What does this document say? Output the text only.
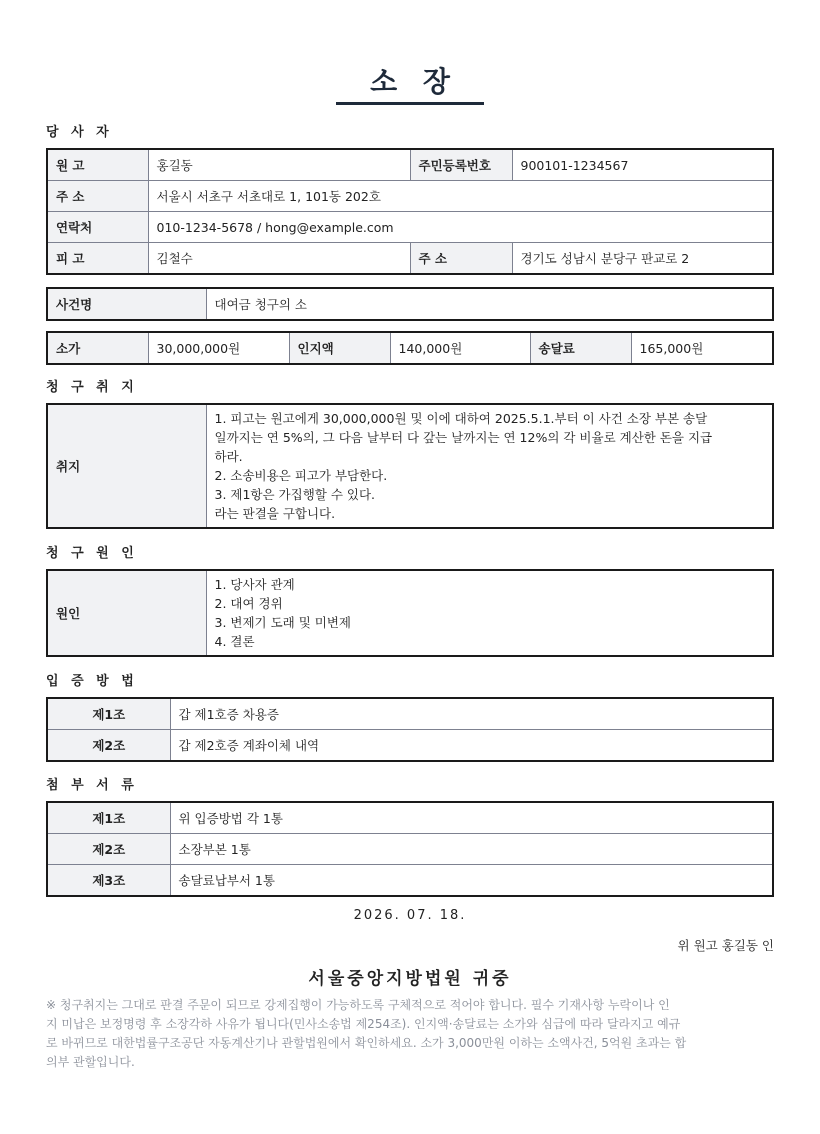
소 장
당 사 자
원 고	홍길동	주민등록번호	900101-1234567
주 소	서울시 서초구 서초대로 1, 101동 202호		
연락처	010-1234-5678 / hong@example.com		
피 고	김철수	주 소	경기도 성남시 분당구 판교로 2
사건명	대여금 청구의 소
소가	30,000,000원	인지액	140,000원	송달료	165,000원
청 구 취 지
취지	
1. 피고는 원고에게 30,000,000원 및 이에 대하여 2025.5.1.부터 이 사건 소장 부본 송달
일까지는 연 5%의, 그 다음 날부터 다 갚는 날까지는 연 12%의 각 비율로 계산한 돈을 지급
하라.
2. 소송비용은 피고가 부담한다.
3. 제1항은 가집행할 수 있다.
라는 판결을 구합니다.
청 구 원 인
원인	
1. 당사자 관계
2. 대여 경위
3. 변제기 도래 및 미변제
4. 결론
입 증 방 법
제1조	갑 제1호증 차용증
제2조	갑 제2호증 계좌이체 내역
첨 부 서 류
제1조	위 입증방법 각 1통
제2조	소장부본 1통
제3조	송달료납부서 1통
2026. 07. 18.
위 원고 홍길동 인
서울중앙지방법원 귀중
※ 청구취지는 그대로 판결 주문이 되므로 강제집행이 가능하도록 구체적으로 적어야 합니다. 필수 기재사항 누락이나 인
지 미납은 보정명령 후 소장각하 사유가 됩니다(민사소송법 제254조). 인지액·송달료는 소가와 심급에 따라 달라지고 예규
로 바뀌므로 대한법률구조공단 자동계산기나 관할법원에서 확인하세요. 소가 3,000만원 이하는 소액사건, 5억원 초과는 합
의부 관할입니다.
